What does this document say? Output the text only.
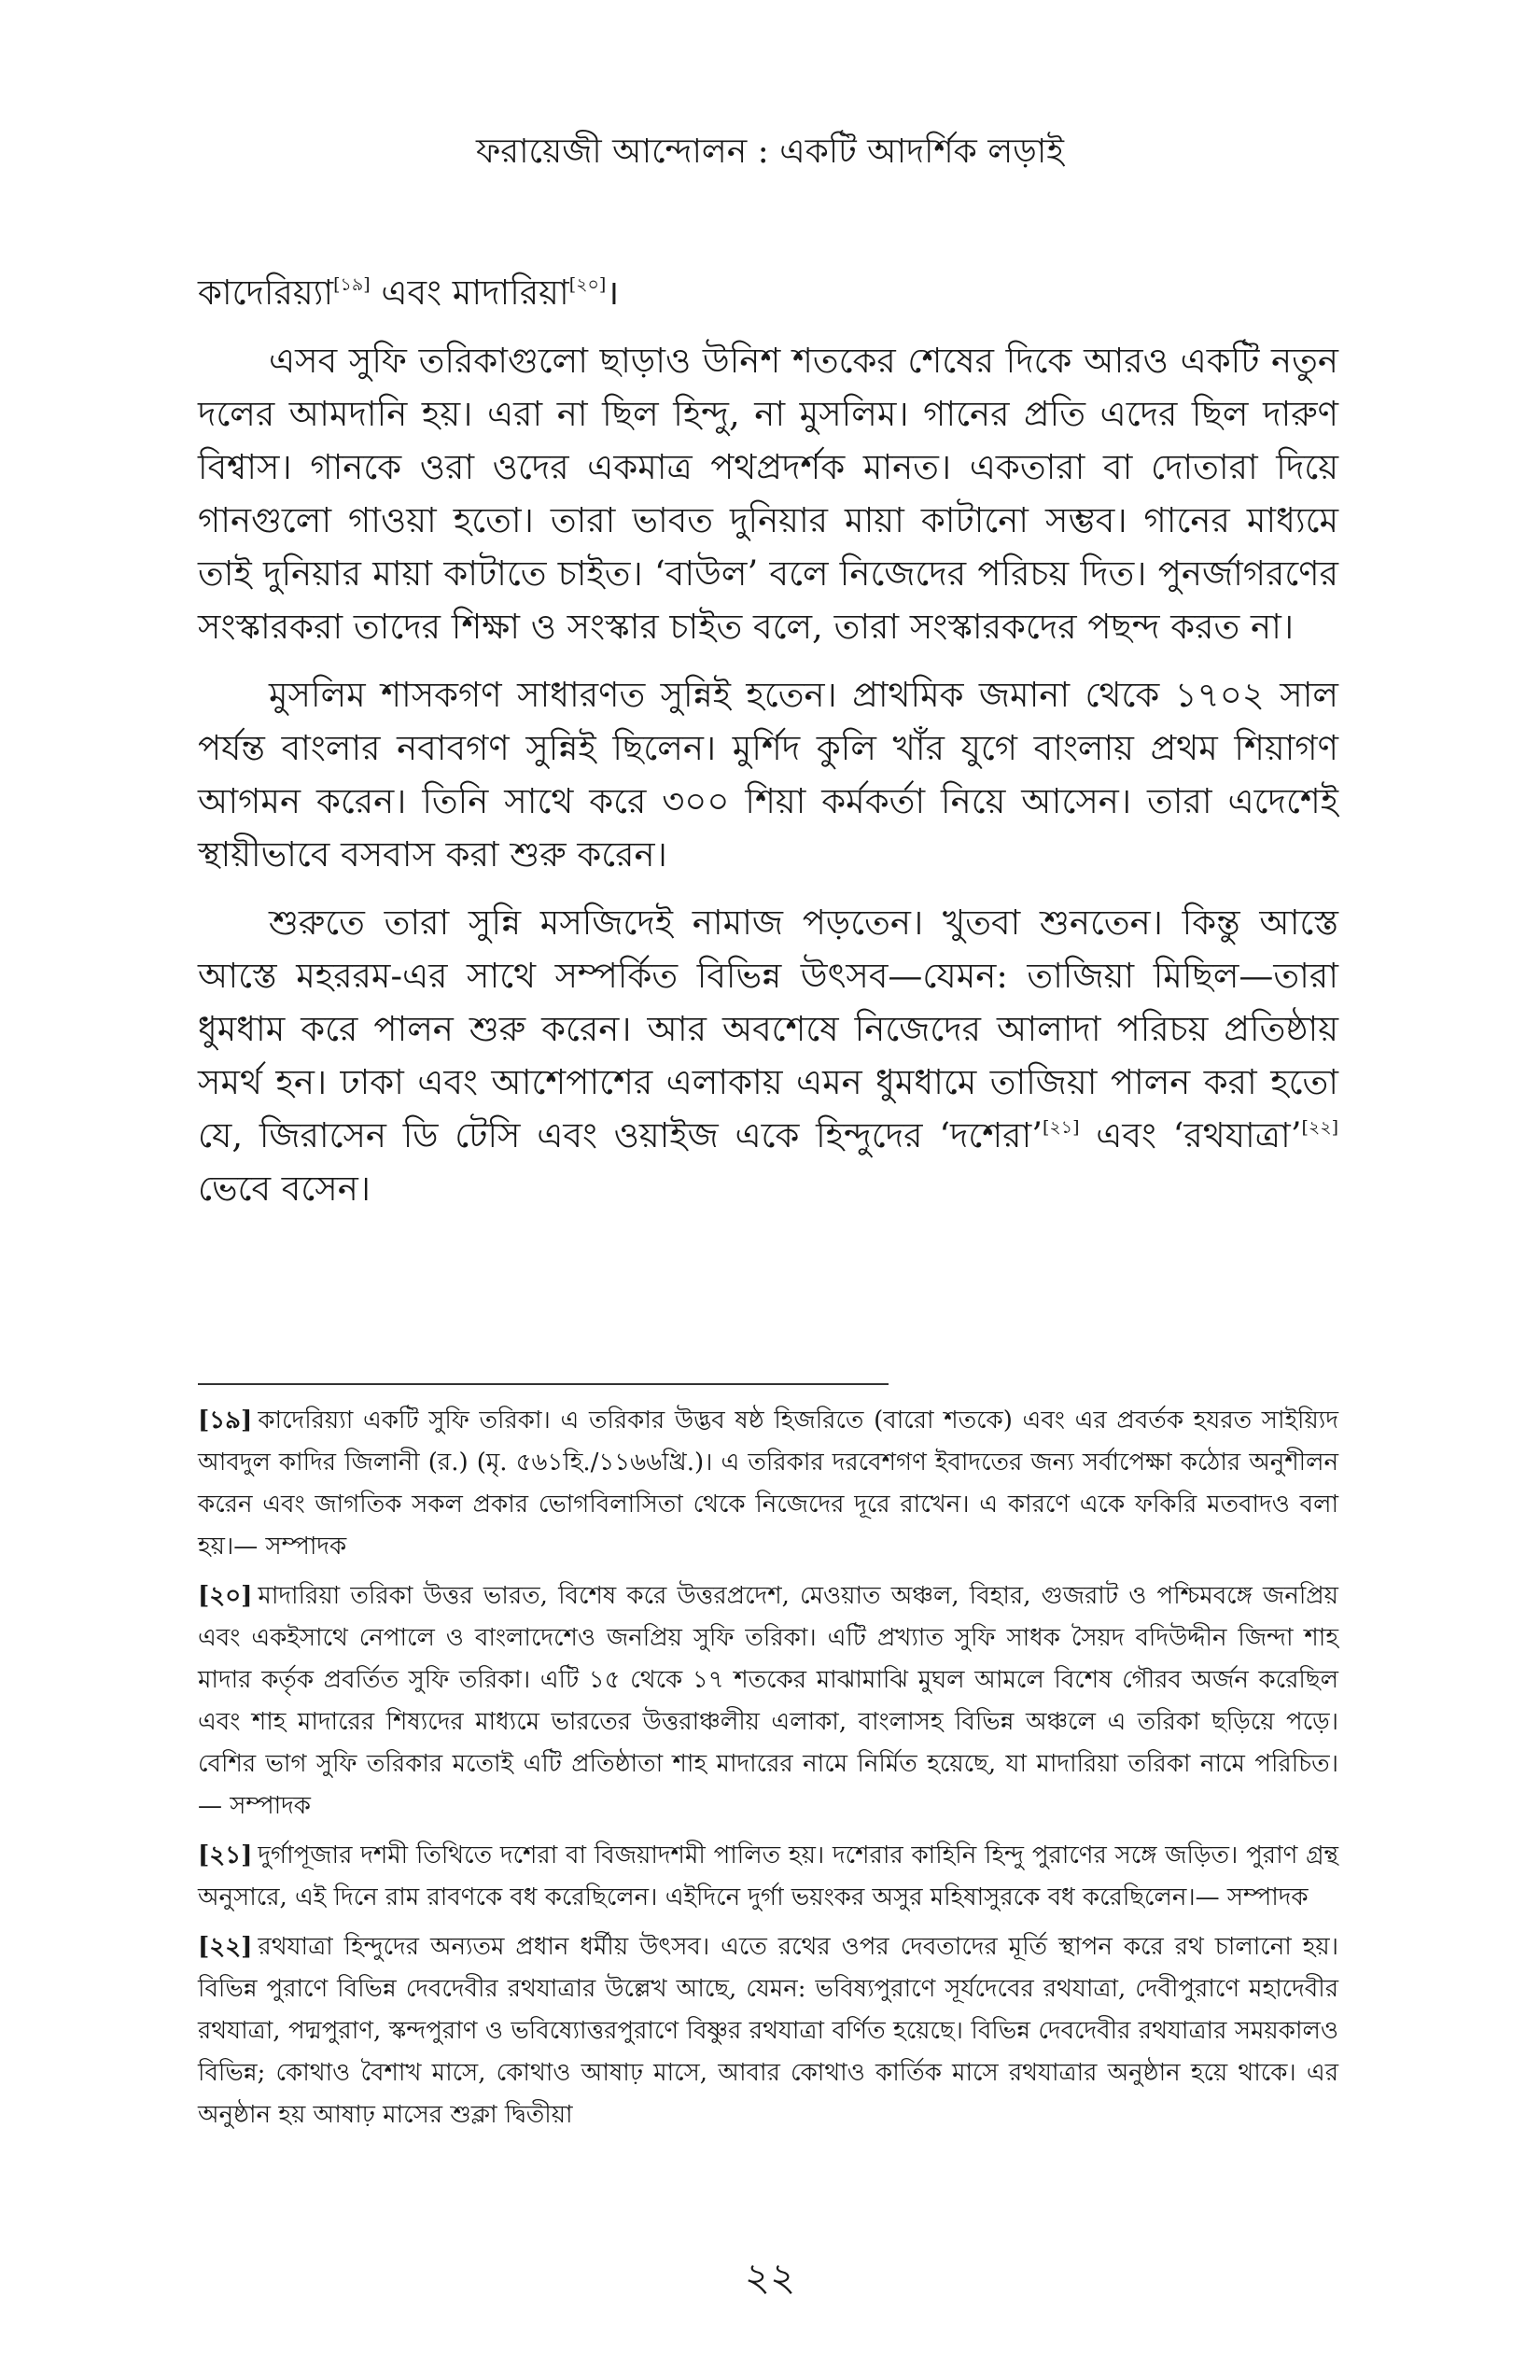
ফরায়েজী আন্দোলন : একটি আদর্শিক লড়াই

কাদেরিয়্যা[১৯] এবং মাদারিয়া[২০]।

এসব সুফি তরিকাগুলো ছাড়াও উনিশ শতকের শেষের দিকে আরও একটি নতুন দলের আমদানি হয়। এরা না ছিল হিন্দু, না মুসলিম। গানের প্রতি এদের ছিল দারুণ বিশ্বাস। গানকে ওরা ওদের একমাত্র পথপ্রদর্শক মানত। একতারা বা দোতারা দিয়ে গানগুলো গাওয়া হতো। তারা ভাবত দুনিয়ার মায়া কাটানো সম্ভব। গানের মাধ্যমে তাই দুনিয়ার মায়া কাটাতে চাইত। ‘বাউল’ বলে নিজেদের পরিচয় দিত। পুনর্জাগরণের সংস্কারকরা তাদের শিক্ষা ও সংস্কার চাইত বলে, তারা সংস্কারকদের পছন্দ করত না।

মুসলিম শাসকগণ সাধারণত সুন্নিই হতেন। প্রাথমিক জমানা থেকে ১৭০২ সাল পর্যন্ত বাংলার নবাবগণ সুন্নিই ছিলেন। মুর্শিদ কুলি খাঁর যুগে বাংলায় প্রথম শিয়াগণ আগমন করেন। তিনি সাথে করে ৩০০ শিয়া কর্মকর্তা নিয়ে আসেন। তারা এদেশেই স্থায়ীভাবে বসবাস করা শুরু করেন।

শুরুতে তারা সুন্নি মসজিদেই নামাজ পড়তেন। খুতবা শুনতেন। কিন্তু আস্তে আস্তে মহররম-এর সাথে সম্পর্কিত বিভিন্ন উৎসব—যেমন: তাজিয়া মিছিল—তারা ধুমধাম করে পালন শুরু করেন। আর অবশেষে নিজেদের আলাদা পরিচয় প্রতিষ্ঠায় সমর্থ হন। ঢাকা এবং আশেপাশের এলাকায় এমন ধুমধামে তাজিয়া পালন করা হতো যে, জিরাসেন ডি টেসি এবং ওয়াইজ একে হিন্দুদের ‘দশেরা’[২১] এবং ‘রথযাত্রা’[২২] ভেবে বসেন।

[১৯] কাদেরিয়্যা একটি সুফি তরিকা। এ তরিকার উদ্ভব ষষ্ঠ হিজরিতে (বারো শতকে) এবং এর প্রবর্তক হযরত সাইয়্যিদ আবদুল কাদির জিলানী (র.) (মৃ. ৫৬১হি./১১৬৬খ্রি.)। এ তরিকার দরবেশগণ ইবাদতের জন্য সর্বাপেক্ষা কঠোর অনুশীলন করেন এবং জাগতিক সকল প্রকার ভোগবিলাসিতা থেকে নিজেদের দূরে রাখেন। এ কারণে একে ফকিরি মতবাদও বলা হয়।— সম্পাদক

[২০] মাদারিয়া তরিকা উত্তর ভারত, বিশেষ করে উত্তরপ্রদেশ, মেওয়াত অঞ্চল, বিহার, গুজরাট ও পশ্চিমবঙ্গে জনপ্রিয় এবং একইসাথে নেপালে ও বাংলাদেশেও জনপ্রিয় সুফি তরিকা। এটি প্রখ্যাত সুফি সাধক সৈয়দ বদিউদ্দীন জিন্দা শাহ মাদার কর্তৃক প্রবর্তিত সুফি তরিকা। এটি ১৫ থেকে ১৭ শতকের মাঝামাঝি মুঘল আমলে বিশেষ গৌরব অর্জন করেছিল এবং শাহ মাদারের শিষ্যদের মাধ্যমে ভারতের উত্তরাঞ্চলীয় এলাকা, বাংলাসহ বিভিন্ন অঞ্চলে এ তরিকা ছড়িয়ে পড়ে। বেশির ভাগ সুফি তরিকার মতোই এটি প্রতিষ্ঠাতা শাহ মাদারের নামে নির্মিত হয়েছে, যা মাদারিয়া তরিকা নামে পরিচিত। — সম্পাদক

[২১] দুর্গাপূজার দশমী তিথিতে দশেরা বা বিজয়াদশমী পালিত হয়। দশেরার কাহিনি হিন্দু পুরাণের সঙ্গে জড়িত। পুরাণ গ্রন্থ অনুসারে, এই দিনে রাম রাবণকে বধ করেছিলেন। এইদিনে দুর্গা ভয়ংকর অসুর মহিষাসুরকে বধ করেছিলেন।— সম্পাদক

[২২] রথযাত্রা হিন্দুদের অন্যতম প্রধান ধর্মীয় উৎসব। এতে রথের ওপর দেবতাদের মূর্তি স্থাপন করে রথ চালানো হয়। বিভিন্ন পুরাণে বিভিন্ন দেবদেবীর রথযাত্রার উল্লেখ আছে, যেমন: ভবিষ্যপুরাণে সূর্যদেবের রথযাত্রা, দেবীপুরাণে মহাদেবীর রথযাত্রা, পদ্মপুরাণ, স্কন্দপুরাণ ও ভবিষ্যোত্তরপুরাণে বিষ্ণুর রথযাত্রা বর্ণিত হয়েছে। বিভিন্ন দেবদেবীর রথযাত্রার সময়কালও বিভিন্ন; কোথাও বৈশাখ মাসে, কোথাও আষাঢ় মাসে, আবার কোথাও কার্তিক মাসে রথযাত্রার অনুষ্ঠান হয়ে থাকে। এর অনুষ্ঠান হয় আষাঢ় মাসের শুক্লা দ্বিতীয়া

২২
